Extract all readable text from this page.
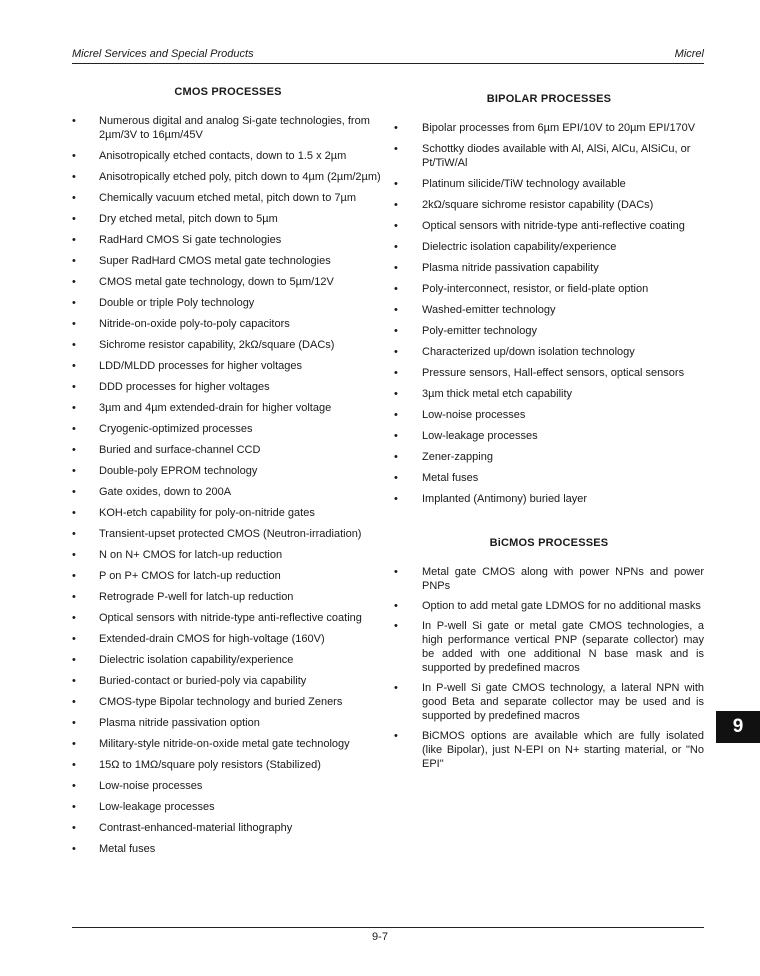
Micrel Services and Special Products	Micrel
CMOS PROCESSES
• Numerous digital and analog Si-gate technologies, from 2µm/3V to 16µm/45V
• Anisotropically etched contacts, down to 1.5 x 2µm
• Anisotropically etched poly, pitch down to 4µm (2µm/2µm)
• Chemically vacuum etched metal, pitch down to 7µm
• Dry etched metal, pitch down to 5µm
• RadHard CMOS Si gate technologies
• Super RadHard CMOS metal gate technologies
• CMOS metal gate technology, down to 5µm/12V
• Double or triple Poly technology
• Nitride-on-oxide poly-to-poly capacitors
• Sichrome resistor capability, 2kΩ/square (DACs)
• LDD/MLDD processes for higher voltages
• DDD processes for higher voltages
• 3µm and 4µm extended-drain for higher voltage
• Cryogenic-optimized processes
• Buried and surface-channel CCD
• Double-poly EPROM technology
• Gate oxides, down to 200A
• KOH-etch capability for poly-on-nitride gates
• Transient-upset protected CMOS (Neutron-irradiation)
• N on N+ CMOS for latch-up reduction
• P on P+ CMOS for latch-up reduction
• Retrograde P-well for latch-up reduction
• Optical sensors with nitride-type anti-reflective coating
• Extended-drain CMOS for high-voltage (160V)
• Dielectric isolation capability/experience
• Buried-contact or buried-poly via capability
• CMOS-type Bipolar technology and buried Zeners
• Plasma nitride passivation option
• Military-style nitride-on-oxide metal gate technology
• 15Ω to 1MΩ/square poly resistors (Stabilized)
• Low-noise processes
• Low-leakage processes
• Contrast-enhanced-material lithography
• Metal fuses
BIPOLAR PROCESSES
• Bipolar processes from 6µm EPI/10V to 20µm EPI/170V
• Schottky diodes available with Al, AlSi, AlCu, AlSiCu, or Pt/TiW/Al
• Platinum silicide/TiW technology available
• 2kΩ/square sichrome resistor capability (DACs)
• Optical sensors with nitride-type anti-reflective coating
• Dielectric isolation capability/experience
• Plasma nitride passivation capability
• Poly-interconnect, resistor, or field-plate option
• Washed-emitter technology
• Poly-emitter technology
• Characterized up/down isolation technology
• Pressure sensors, Hall-effect sensors, optical sensors
• 3µm thick metal etch capability
• Low-noise processes
• Low-leakage processes
• Zener-zapping
• Metal fuses
• Implanted (Antimony) buried layer
BiCMOS PROCESSES
• Metal gate CMOS along with power NPNs and power PNPs
• Option to add metal gate LDMOS for no additional masks
• In P-well Si gate or metal gate CMOS technologies, a high performance vertical PNP (separate collector) may be added with one additional N base mask and is supported by predefined macros
• In P-well Si gate CMOS technology, a lateral NPN with good Beta and separate collector may be used and is supported by predefined macros
• BiCMOS options are available which are fully isolated (like Bipolar), just N-EPI on N+ starting material, or "No EPI"
9
9-7
